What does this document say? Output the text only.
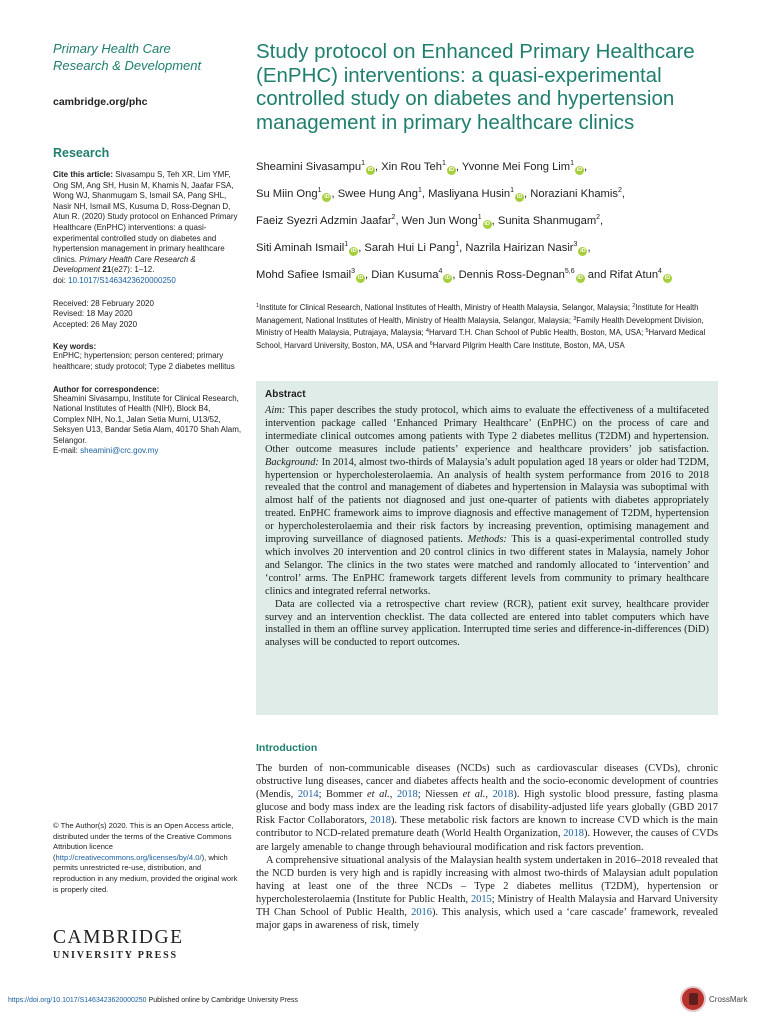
Primary Health Care
Research & Development
cambridge.org/phc
Research
Cite this article: Sivasampu S, Teh XR, Lim YMF, Ong SM, Ang SH, Husin M, Khamis N, Jaafar FSA, Wong WJ, Shanmugam S, Ismail SA, Pang SHL, Nasir NH, Ismail MS, Kusuma D, Ross-Degnan D, Atun R. (2020) Study protocol on Enhanced Primary Healthcare (EnPHC) interventions: a quasi-experimental controlled study on diabetes and hypertension management in primary healthcare clinics. Primary Health Care Research & Development 21(e27): 1–12.
doi: 10.1017/S1463423620000250
Received: 28 February 2020
Revised: 18 May 2020
Accepted: 26 May 2020
Key words:
EnPHC; hypertension; person centered; primary healthcare; study protocol; Type 2 diabetes mellitus
Author for correspondence:
Sheamini Sivasampu, Institute for Clinical Research, National Institutes of Health (NIH), Block B4, Complex NIH, No.1, Jalan Setia Murni, U13/52, Seksyen U13, Bandar Setia Alam, 40170 Shah Alam, Selangor.
E-mail: sheamini@crc.gov.my
© The Author(s) 2020. This is an Open Access article, distributed under the terms of the Creative Commons Attribution licence (http://creativecommons.org/licenses/by/4.0/), which permits unrestricted re-use, distribution, and reproduction in any medium, provided the original work is properly cited.
CAMBRIDGE
UNIVERSITY PRESS
Study protocol on Enhanced Primary Healthcare (EnPHC) interventions: a quasi-experimental controlled study on diabetes and hypertension management in primary healthcare clinics
Sheamini Sivasampu$^1$iD , Xin Rou Teh$^1$iD , Yvonne Mei Fong Lim$^1$iD ,
Su Miin Ong$^1$iD , Swee Hung Ang$^1$, Masliyana Husin$^1$iD , Noraziani Khamis$^2$,
Faeiz Syezri Adzmin Jaafar$^2$, Wen Jun Wong$^1$iD , Sunita Shanmugam$^2$,
Siti Aminah Ismail$^1$iD , Sarah Hui Li Pang$^1$, Nazrila Hairizan Nasir$^3$iD ,
Mohd Safiee Ismail$^3$iD , Dian Kusuma$^4$iD , Dennis Ross-Degnan$^{5,6}$iD and Rifat Atun$^4$iD
$^1$Institute for Clinical Research, National Institutes of Health, Ministry of Health Malaysia, Selangor, Malaysia; $^2$Institute for Health Management, National Institutes of Health, Ministry of Health Malaysia, Selangor, Malaysia; $^3$Family Health Development Division, Ministry of Health Malaysia, Putrajaya, Malaysia; $^4$Harvard T.H. Chan School of Public Health, Boston, MA, USA; $^5$Harvard Medical School, Harvard University, Boston, MA, USA and $^6$Harvard Pilgrim Health Care Institute, Boston, MA, USA
Abstract

Aim: This paper describes the study protocol, which aims to evaluate the effectiveness of a multifaceted intervention package called ‘Enhanced Primary Healthcare’ (EnPHC) on the process of care and intermediate clinical outcomes among patients with Type 2 diabetes mellitus (T2DM) and hypertension. Other outcome measures include patients’ experience and healthcare providers’ job satisfaction. Background: In 2014, almost two-thirds of Malaysia’s adult population aged 18 years or older had T2DM, hypertension or hypercholesterolaemia. An analysis of health system performance from 2016 to 2018 revealed that the control and management of diabetes and hypertension in Malaysia was suboptimal with almost half of the patients not diagnosed and just one-quarter of patients with diabetes appropriately treated. EnPHC framework aims to improve diagnosis and effective management of T2DM, hypertension or hypercholesterolaemia and their risk factors by increasing prevention, optimising management and improving surveillance of diagnosed patients. Methods: This is a quasi-experimental controlled study which involves 20 intervention and 20 control clinics in two different states in Malaysia, namely Johor and Selangor. The clinics in the two states were matched and randomly allocated to ‘intervention’ and ‘control’ arms. The EnPHC framework targets different levels from community to primary healthcare clinics and integrated referral networks.

Data are collected via a retrospective chart review (RCR), patient exit survey, healthcare provider survey and an intervention checklist. The data collected are entered into tablet computers which have installed in them an offline survey application. Interrupted time series and difference-in-differences (DiD) analyses will be conducted to report outcomes.

Introduction

The burden of non-communicable diseases (NCDs) such as cardiovascular diseases (CVDs), chronic obstructive lung diseases, cancer and diabetes affects health and the socio-economic development of countries (Mendis, 2014; Bommer et al., 2018; Niessen et al., 2018). High systolic blood pressure, fasting plasma glucose and body mass index are the leading risk factors of disability-adjusted life years globally (GBD 2017 Risk Factor Collaborators, 2018). These metabolic risk factors are known to increase CVD which is the main contributor to NCD-related premature death (World Health Organization, 2018). However, the causes of CVDs are largely amenable to change through behavioural modification and risk factors prevention.

A comprehensive situational analysis of the Malaysian health system undertaken in 2016–2018 revealed that the NCD burden is very high and is rapidly increasing with almost two-thirds of Malaysian adult population having at least one of the three NCDs – Type 2 diabetes mellitus (T2DM), hypertension or hypercholesterolaemia (Institute for Public Health, 2015; Ministry of Health Malaysia and Harvard University TH Chan School of Public Health, 2016). This analysis, which used a ‘care cascade’ framework, revealed major gaps in awareness of risk, timely

https://doi.org/10.1017/S1463423620000250 Published online by Cambridge University Press	CrossMark
